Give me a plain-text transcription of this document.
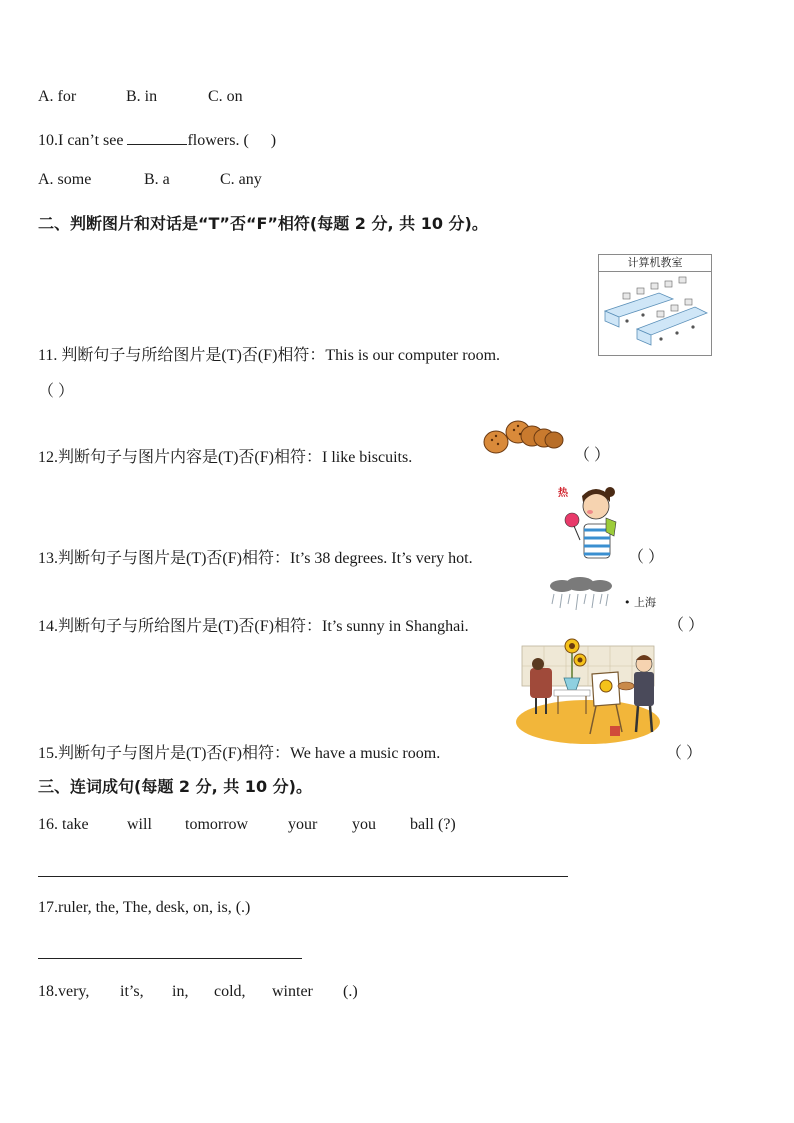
A. for	B. in	C. on
10.I can’t see	flowers. ( )
A. some	B. a	C. any
二、判断图片和对话是“T”否“F”相符(每题 2 分, 共 10 分)。
计算机教室
11. 判断句子与所给图片是(T)否(F)相符：This is our computer room.
（ ）
12.判断句子与图片内容是(T)否(F)相符：I like biscuits.	（ ）
热
13.判断句子与图片是(T)否(F)相符：It’s 38 degrees. It’s very hot.	（ ）
• 上海
14.判断句子与所给图片是(T)否(F)相符：It’s sunny in Shanghai.	（ ）
15.判断句子与图片是(T)否(F)相符：We have a music room.	（ ）
三、连词成句(每题 2 分, 共 10 分)。
16. take will tomorrow your you ball (?)
17.ruler, the, The, desk, on, is, (.)
18.very, it’s, in, cold, winter (.)
